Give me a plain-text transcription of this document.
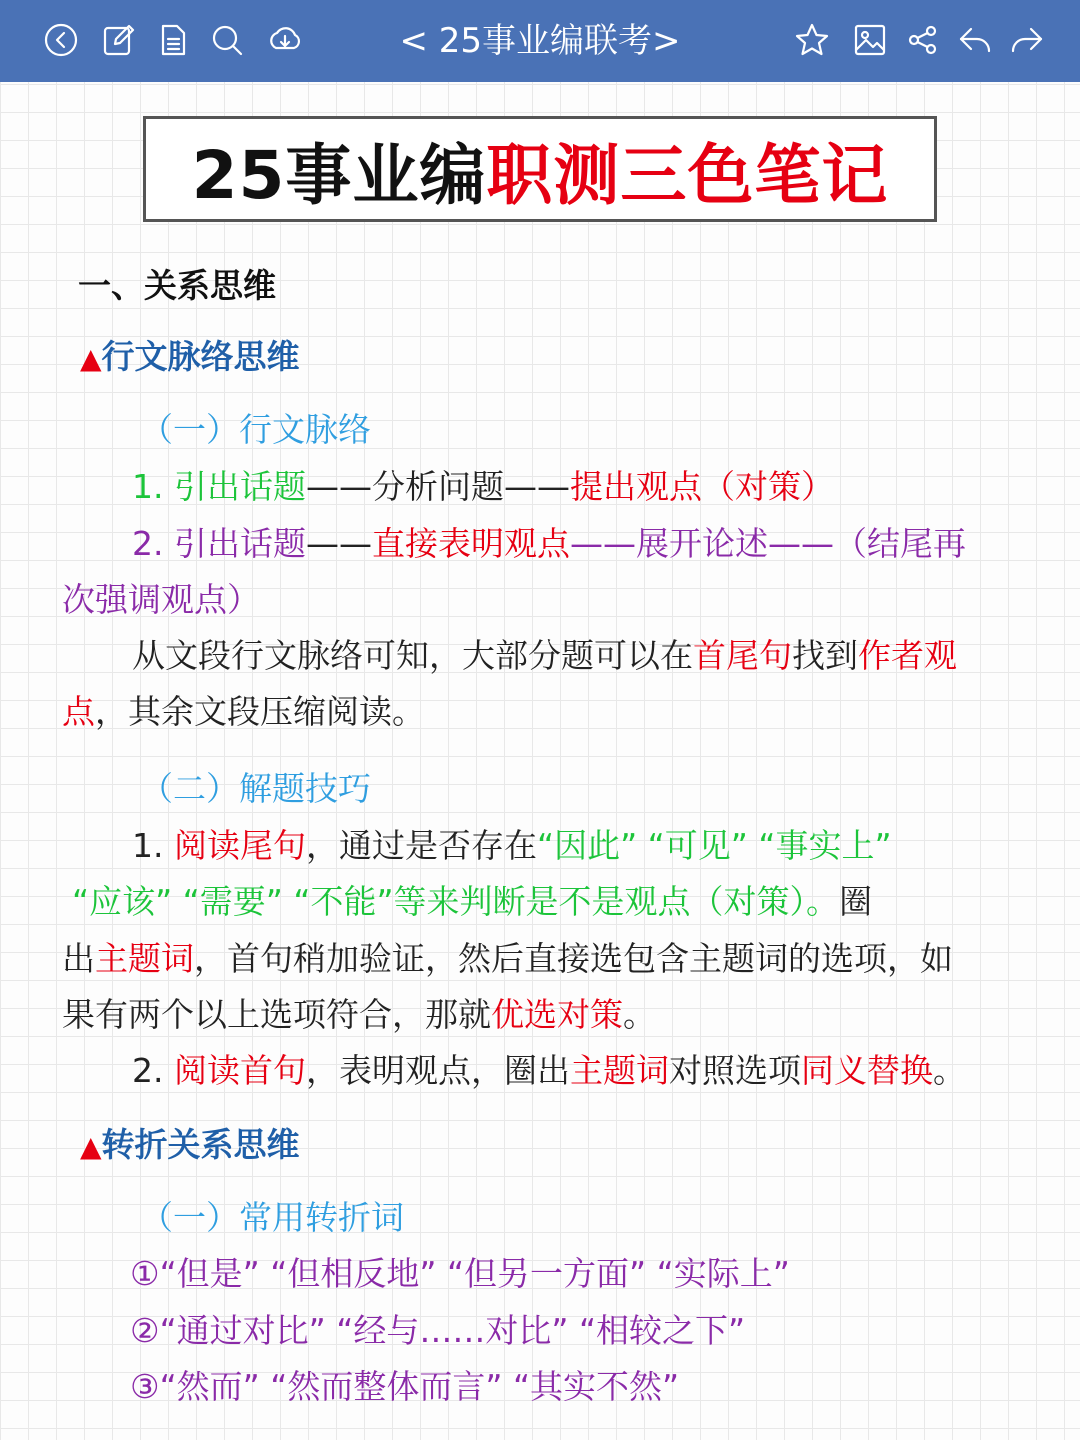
< 25事业编联考>
25事业编 职测三色笔记
一、关系思维
▲行文脉络思维
（一）行文脉络
1. 引出话题——分析问题——提出观点（对策）
2. 引出话题——直接表明观点——展开论述——（结尾再
次强调观点）
从文段行文脉络可知，大部分题可以在首尾句找到作者观
点，其余文段压缩阅读。
（二）解题技巧
1. 阅读尾句，通过是否存在“因此” “可见” “事实上”
“应该” “需要” “不能”等来判断是不是观点（对策）。圈
出主题词，首句稍加验证，然后直接选包含主题词的选项，如
果有两个以上选项符合，那就优选对策。
2. 阅读首句，表明观点，圈出主题词对照选项同义替换。
▲转折关系思维
（一）常用转折词
①“但是” “但相反地” “但另一方面” “实际上”
②“通过对比” “经与……对比” “相较之下”
③“然而” “然而整体而言” “其实不然”
